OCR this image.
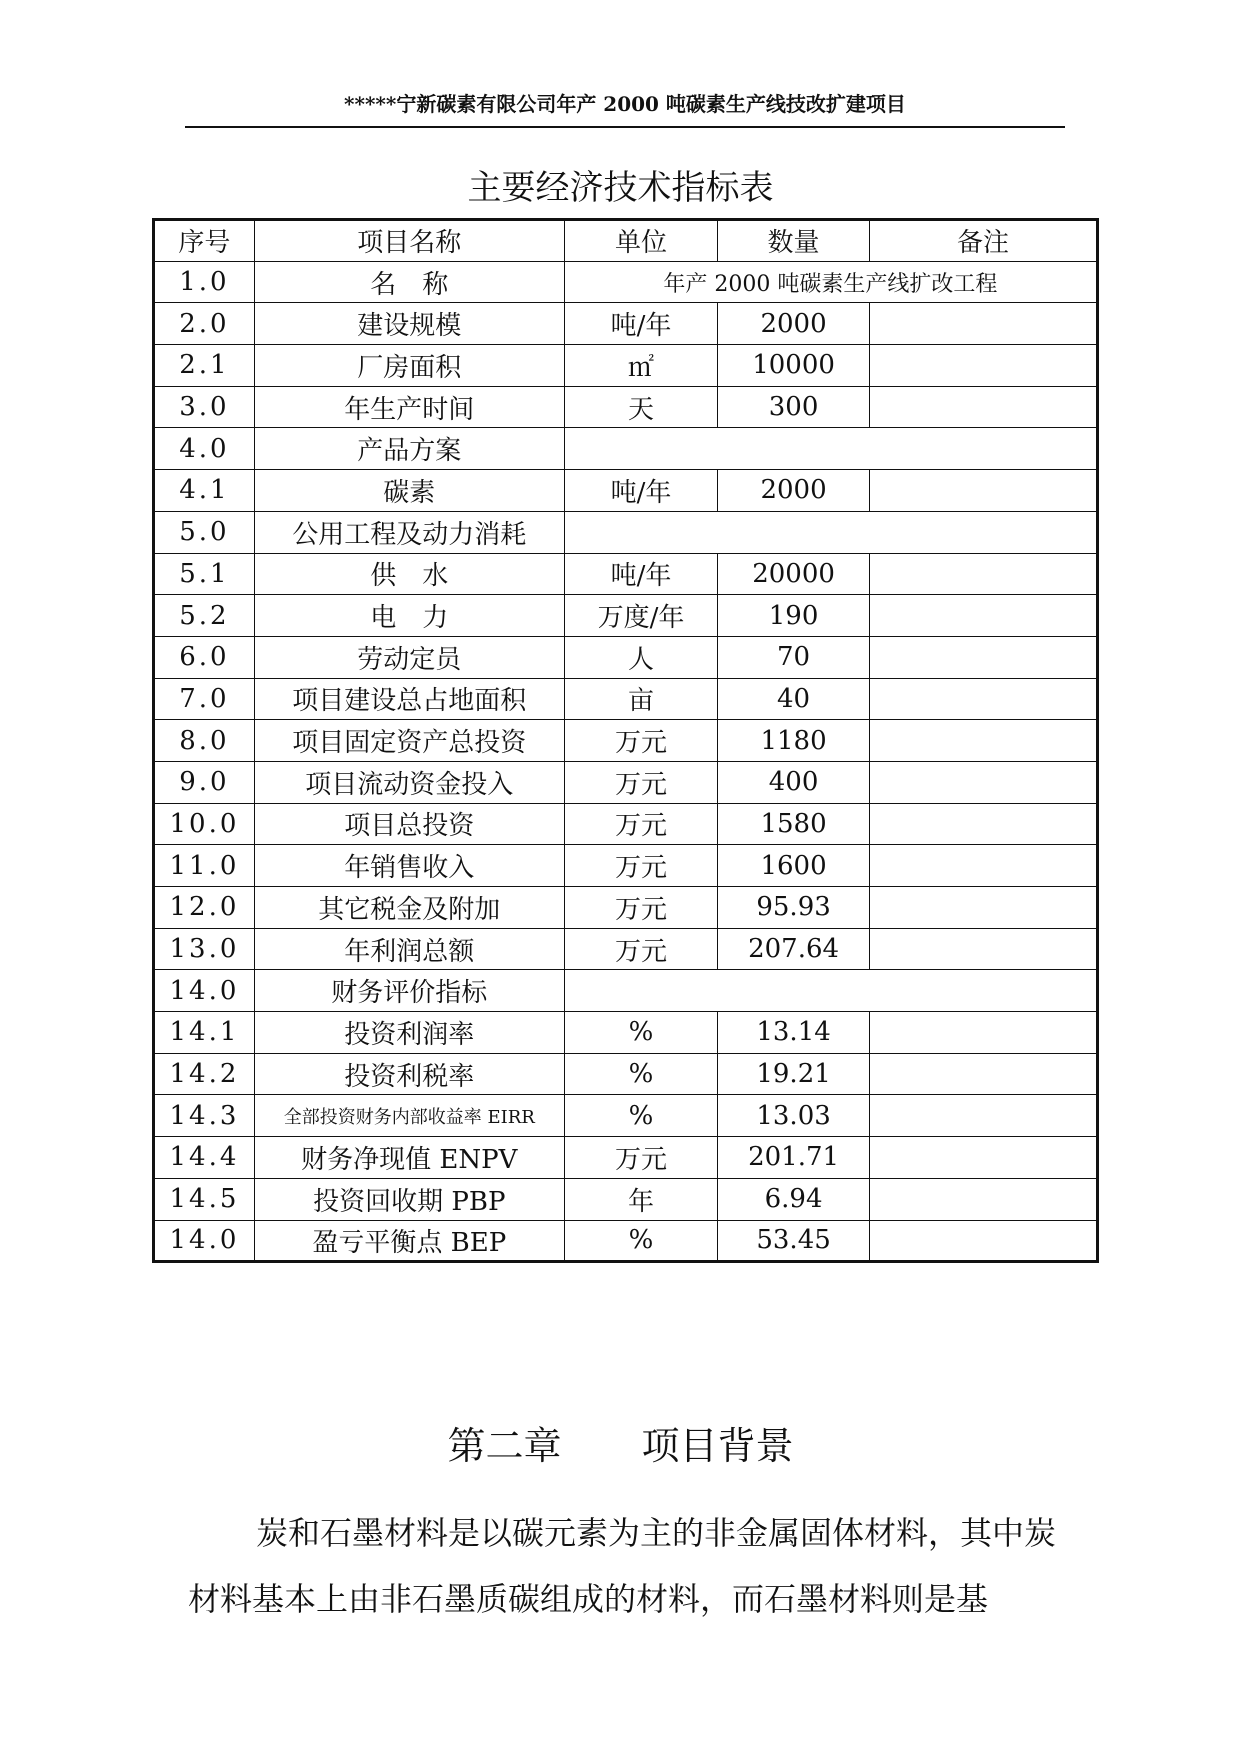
*****宁新碳素有限公司年产 2000 吨碳素生产线技改扩建项目
主要经济技术指标表
序号	项目名称	单位	数量	备注
1.0	名　称	年产 2000 吨碳素生产线扩改工程		
2.0	建设规模	吨/年	2000	
2.1	厂房面积	㎡	10000	
3.0	年生产时间	天	300	
4.0	产品方案			
4.1	碳素	吨/年	2000	
5.0	公用工程及动力消耗			
5.1	供　水	吨/年	20000	
5.2	电　力	万度/年	190	
6.0	劳动定员	人	70	
7.0	项目建设总占地面积	亩	40	
8.0	项目固定资产总投资	万元	1180	
9.0	项目流动资金投入	万元	400	
10.0	项目总投资	万元	1580	
11.0	年销售收入	万元	1600	
12.0	其它税金及附加	万元	95.93	
13.0	年利润总额	万元	207.64	
14.0	财务评价指标			
14.1	投资利润率	%	13.14	
14.2	投资利税率	%	19.21	
14.3	全部投资财务内部收益率 EIRR	%	13.03	
14.4	财务净现值 ENPV	万元	201.71	
14.5	投资回收期 PBP	年	6.94	
14.0	盈亏平衡点 BEP	%	53.45	
第二章　 项目背景
炭和石墨材料是以碳元素为主的非金属固体材料，其中炭材料基本上由非石墨质碳组成的材料，而石墨材料则是基
